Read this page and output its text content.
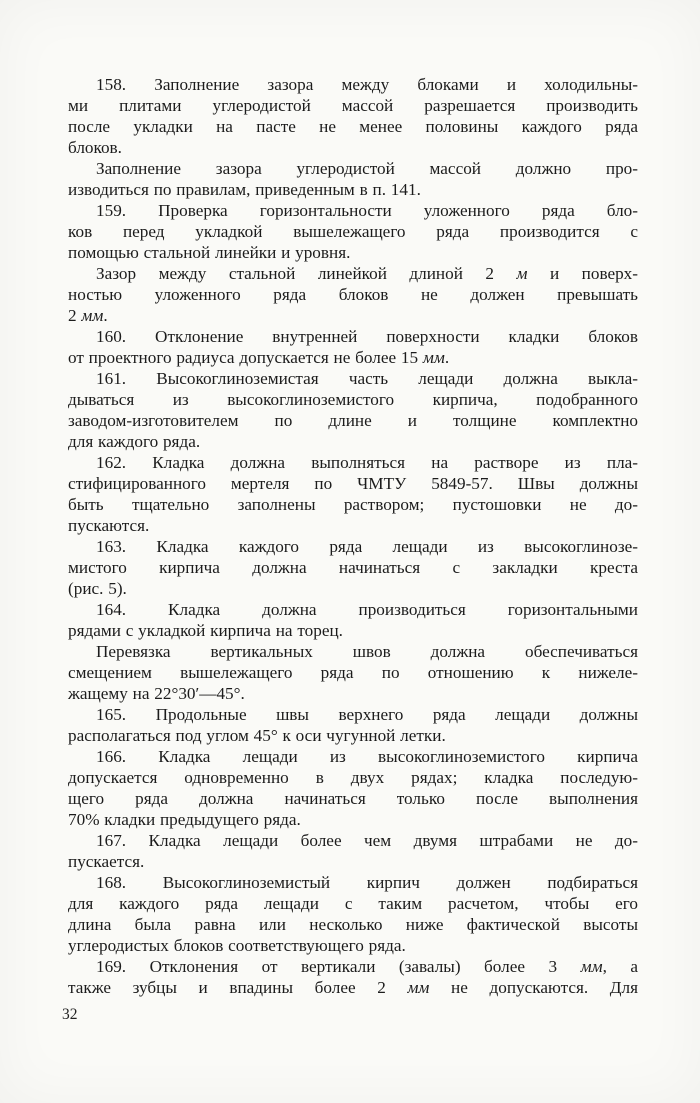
158. Заполнение зазора между блоками и холодильны-
ми плитами углеродистой массой разрешается производить
после укладки на пасте не менее половины каждого ряда
блоков.
Заполнение зазора углеродистой массой должно про-
изводиться по правилам, приведенным в п. 141.
159. Проверка горизонтальности уложенного ряда бло-
ков перед укладкой вышележащего ряда производится с
помощью стальной линейки и уровня.
Зазор между стальной линейкой длиной 2 м и поверх-
ностью уложенного ряда блоков не должен превышать
2 мм.
160. Отклонение внутренней поверхности кладки блоков
от проектного радиуса допускается не более 15 мм.
161. Высокоглиноземистая часть лещади должна выкла-
дываться из высокоглиноземистого кирпича, подобранного
заводом-изготовителем по длине и толщине комплектно
для каждого ряда.
162. Кладка должна выполняться на растворе из пла-
стифицированного мертеля по ЧМТУ 5849-57. Швы должны
быть тщательно заполнены раствором; пустошовки не до-
пускаются.
163. Кладка каждого ряда лещади из высокоглинозе-
мистого кирпича должна начинаться с закладки креста
(рис. 5).
164. Кладка должна производиться горизонтальными
рядами с укладкой кирпича на торец.
Перевязка вертикальных швов должна обеспечиваться
смещением вышележащего ряда по отношению к нижеле-
жащему на 22°30′—45°.
165. Продольные швы верхнего ряда лещади должны
располагаться под углом 45° к оси чугунной летки.
166. Кладка лещади из высокоглиноземистого кирпича
допускается одновременно в двух рядах; кладка последую-
щего ряда должна начинаться только после выполнения
70% кладки предыдущего ряда.
167. Кладка лещади более чем двумя штрабами не до-
пускается.
168. Высокоглиноземистый кирпич должен подбираться
для каждого ряда лещади с таким расчетом, чтобы его
длина была равна или несколько ниже фактической высоты
углеродистых блоков соответствующего ряда.
169. Отклонения от вертикали (завалы) более 3 мм, а
также зубцы и впадины более 2 мм не допускаются. Для
32
